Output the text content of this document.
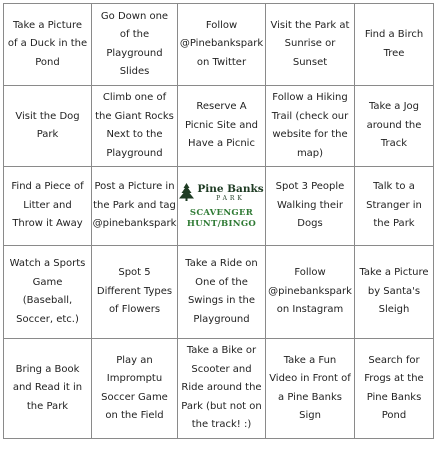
Take a Picture of a Duck in the Pond
Go Down one of the Playground Slides
Follow @Pinebankspark on Twitter
Visit the Park at Sunrise or Sunset
Find a Birch Tree
Visit the Dog Park
Climb one of the Giant Rocks Next to the Playground
Reserve A Picnic Site and Have a Picnic
Follow a Hiking Trail (check our website for the map)
Take a Jog around the Track
Find a Piece of Litter and Throw it Away
Post a Picture in the Park and tag @pinebankspark
Pine Banks
PARK
SCAVENGER
HUNT/BINGO
Spot 3 People Walking their Dogs
Talk to a Stranger in the Park
Watch a Sports Game (Baseball, Soccer, etc.)
Spot 5 Different Types of Flowers
Take a Ride on One of the Swings in the Playground
Follow @pinebankspark on Instagram
Take a Picture by Santa's Sleigh
Bring a Book and Read it in the Park
Play an Impromptu Soccer Game on the Field
Take a Bike or Scooter and Ride around the Park (but not on the track! :)
Take a Fun Video in Front of a Pine Banks Sign
Search for Frogs at the Pine Banks Pond
